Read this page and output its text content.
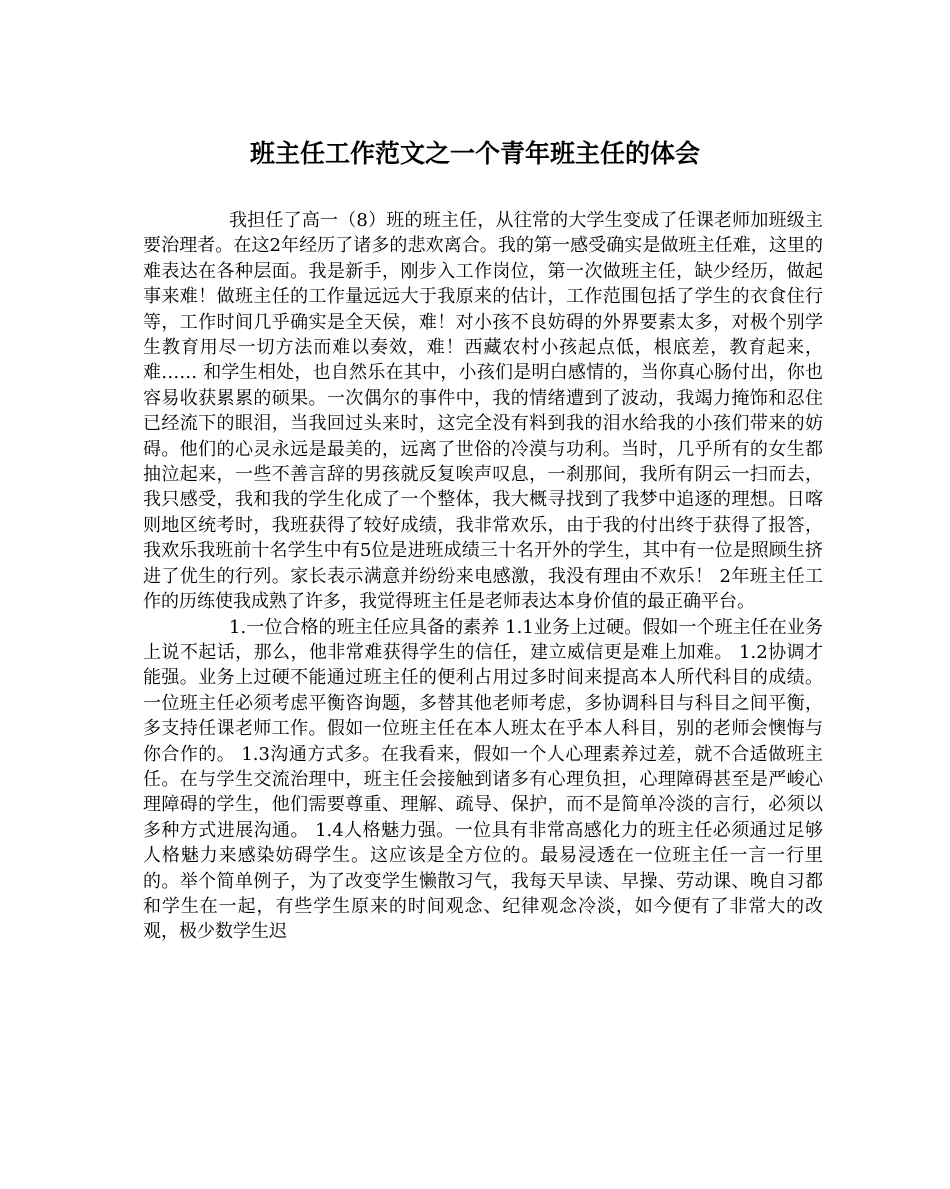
班主任工作范文之一个青年班主任的体会

我担任了高一（8）班的班主任，从往常的大学生变成了任课老师加班级主要治理者。在这2年经历了诸多的悲欢离合。我的第一感受确实是做班主任难，这里的难表达在各种层面。我是新手，刚步入工作岗位，第一次做班主任，缺少经历，做起事来难！做班主任的工作量远远大于我原来的估计，工作范围包括了学生的衣食住行等，工作时间几乎确实是全天侯，难！对小孩不良妨碍的外界要素太多，对极个别学生教育用尽一切方法而难以奏效，难！西藏农村小孩起点低，根底差，教育起来，难…… 和学生相处，也自然乐在其中，小孩们是明白感情的，当你真心肠付出，你也容易收获累累的硕果。一次偶尔的事件中，我的情绪遭到了波动，我竭力掩饰和忍住已经流下的眼泪，当我回过头来时，这完全没有料到我的泪水给我的小孩们带来的妨碍。他们的心灵永远是最美的，远离了世俗的冷漠与功利。当时，几乎所有的女生都抽泣起来，一些不善言辞的男孩就反复唉声叹息，一刹那间，我所有阴云一扫而去，我只感受，我和我的学生化成了一个整体，我大概寻找到了我梦中追逐的理想。日喀则地区统考时，我班获得了较好成绩，我非常欢乐，由于我的付出终于获得了报答，我欢乐我班前十名学生中有5位是进班成绩三十名开外的学生，其中有一位是照顾生挤进了优生的行列。家长表示满意并纷纷来电感激，我没有理由不欢乐！ 2年班主任工作的历练使我成熟了许多，我觉得班主任是老师表达本身价值的最正确平台。

1.一位合格的班主任应具备的素养 1.1业务上过硬。假如一个班主任在业务上说不起话，那么，他非常难获得学生的信任，建立威信更是难上加难。 1.2协调才能强。业务上过硬不能通过班主任的便利占用过多时间来提高本人所代科目的成绩。一位班主任必须考虑平衡咨询题，多替其他老师考虑，多协调科目与科目之间平衡，多支持任课老师工作。假如一位班主任在本人班太在乎本人科目，别的老师会懊悔与你合作的。 1.3沟通方式多。在我看来，假如一个人心理素养过差，就不合适做班主任。在与学生交流治理中，班主任会接触到诸多有心理负担，心理障碍甚至是严峻心理障碍的学生，他们需要尊重、理解、疏导、保护，而不是简单冷淡的言行，必须以多种方式进展沟通。 1.4人格魅力强。一位具有非常高感化力的班主任必须通过足够人格魅力来感染妨碍学生。这应该是全方位的。最易浸透在一位班主任一言一行里的。举个简单例子，为了改变学生懒散习气，我每天早读、早操、劳动课、晚自习都和学生在一起，有些学生原来的时间观念、纪律观念冷淡，如今便有了非常大的改观，极少数学生迟
